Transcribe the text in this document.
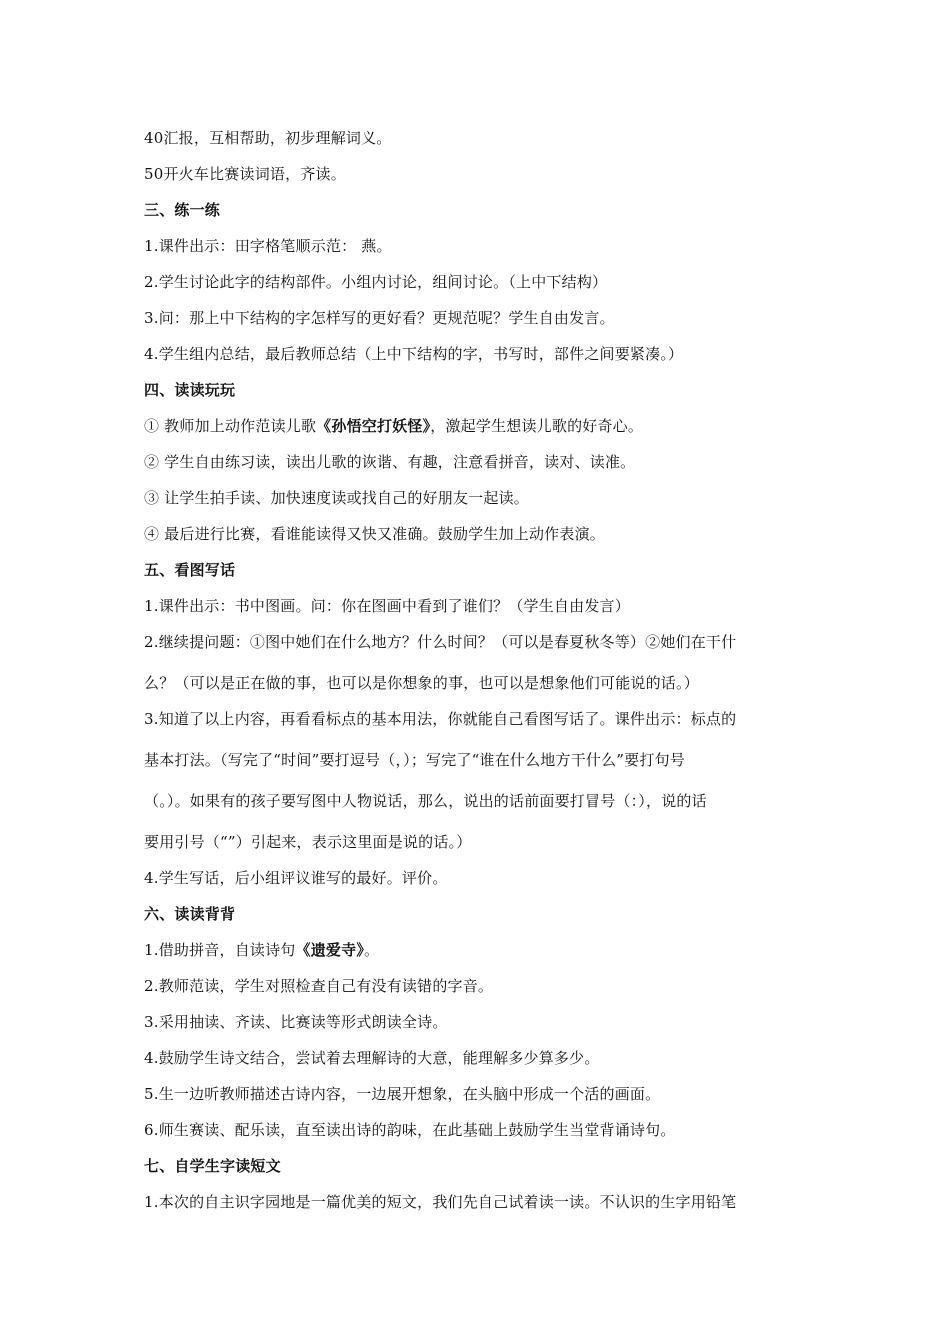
40汇报，互相帮助，初步理解词义。
50开火车比赛读词语，齐读。
三、练一练
1.课件出示：田字格笔顺示范： 燕。
2.学生讨论此字的结构部件。小组内讨论，组间讨论。（上中下结构）
3.问：那上中下结构的字怎样写的更好看？更规范呢？学生自由发言。
4.学生组内总结，最后教师总结（上中下结构的字，书写时，部件之间要紧凑。）
四、读读玩玩
① 教师加上动作范读儿歌《孙悟空打妖怪》，激起学生想读儿歌的好奇心。
② 学生自由练习读，读出儿歌的诙谐、有趣，注意看拼音，读对、读准。
③ 让学生拍手读、加快速度读或找自己的好朋友一起读。
④ 最后进行比赛，看谁能读得又快又准确。鼓励学生加上动作表演。
五、看图写话
1.课件出示：书中图画。问：你在图画中看到了谁们？（学生自由发言）
2.继续提问题：①图中她们在什么地方？什么时间？（可以是春夏秋冬等）②她们在干什
么？（可以是正在做的事，也可以是你想象的事，也可以是想象他们可能说的话。）
3.知道了以上内容，再看看标点的基本用法，你就能自己看图写话了。课件出示：标点的
基本打法。（写完了“时间”要打逗号（，）；写完了“谁在什么地方干什么”要打句号
（。）。如果有的孩子要写图中人物说话，那么，说出的话前面要打冒号（：），说的话
要用引号（“”）引起来，表示这里面是说的话。）
4.学生写话，后小组评议谁写的最好。评价。
六、读读背背
1.借助拼音，自读诗句《遗爱寺》。
2.教师范读，学生对照检查自己有没有读错的字音。
3.采用抽读、齐读、比赛读等形式朗读全诗。
4.鼓励学生诗文结合，尝试着去理解诗的大意，能理解多少算多少。
5.生一边听教师描述古诗内容，一边展开想象，在头脑中形成一个活的画面。
6.师生赛读、配乐读，直至读出诗的韵味，在此基础上鼓励学生当堂背诵诗句。
七、自学生字读短文
1.本次的自主识字园地是一篇优美的短文，我们先自己试着读一读。不认识的生字用铅笔
